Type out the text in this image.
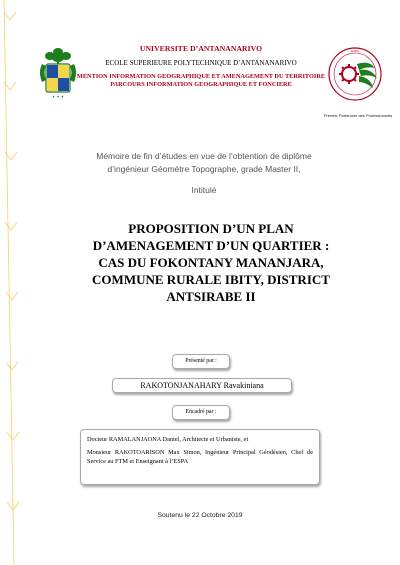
✦ ✦ ✦
UNIVERSITE D’ANTANANARIVO
ECOLE SUPERIEURE POLYTECHNIQUE D’ANTANANARIVO
MENTION INFORMATION GEOGRAPHIQUE ET AMENAGEMENT DU TERRITOIRE
PARCOURS INFORMATION GEOGRAPHIQUE ET FONCIERE
ESPA
Premier Partenaire des Professionnels
Mémoire de fin d’études en vue de l’obtention de diplôme
d’ingénieur Géomètre Topographe, grade Master II,
Intitulé
PROPOSITION D’UN PLAN
D’AMENAGEMENT D’UN QUARTIER :
CAS DU FOKONTANY MANANJARA,
COMMUNE RURALE IBITY, DISTRICT
ANTSIRABE II
Présenté par :
RAKOTONJANAHARY Ravakiniana
Encadré par :
Docteur RAMALANJAONA Daniel, Architecte et Urbaniste, et
Monsieur RAKOTOARISON Max Simon, Ingénieur Principal Géodésien, Chef de Service au FTM et Enseignant à l’ESPA
Soutenu le 22 Octobre 2019
